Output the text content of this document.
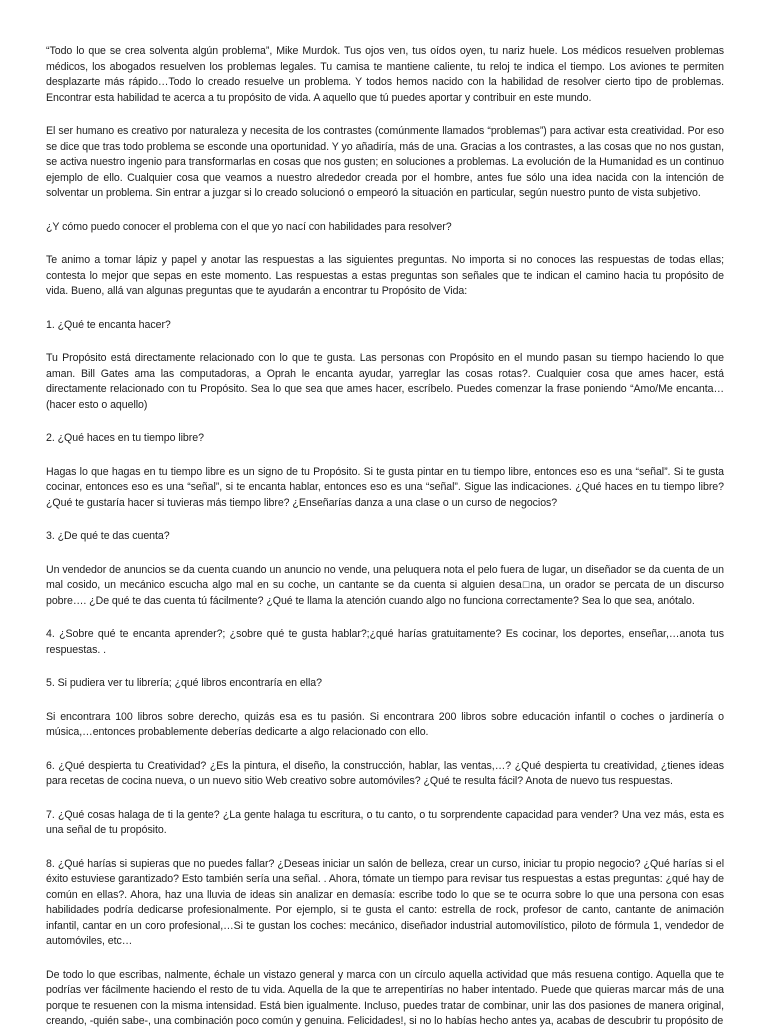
“Todo lo que se crea solventa algún problema”, Mike Murdok. Tus ojos ven, tus oídos oyen, tu nariz huele. Los médicos resuelven problemas médicos, los abogados resuelven los problemas legales. Tu camisa te mantiene caliente, tu reloj te indica el tiempo. Los aviones te permiten desplazarte más rápido…Todo lo creado resuelve un problema. Y todos hemos nacido con la habilidad de resolver cierto tipo de problemas. Encontrar esta habilidad te acerca a tu propósito de vida. A aquello que tú puedes aportar y contribuir en este mundo.

El ser humano es creativo por naturaleza y necesita de los contrastes (comúnmente llamados “problemas”) para activar esta creatividad. Por eso se dice que tras todo problema se esconde una oportunidad. Y yo añadiría, más de una. Gracias a los contrastes, a las cosas que no nos gustan, se activa nuestro ingenio para transformarlas en cosas que nos gusten; en soluciones a problemas. La evolución de la Humanidad es un continuo ejemplo de ello. Cualquier cosa que veamos a nuestro alrededor creada por el hombre, antes fue sólo una idea nacida con la intención de solventar un problema. Sin entrar a juzgar si lo creado solucionó o empeoró la situación en particular, según nuestro punto de vista subjetivo.

¿Y cómo puedo conocer el problema con el que yo nací con habilidades para resolver?

Te animo a tomar lápiz y papel y anotar las respuestas a las siguientes preguntas. No importa si no conoces las respuestas de todas ellas; contesta lo mejor que sepas en este momento. Las respuestas a estas preguntas son señales que te indican el camino hacia tu propósito de vida. Bueno, allá van algunas preguntas que te ayudarán a encontrar tu Propósito de Vida:

1. ¿Qué te encanta hacer?

Tu Propósito está directamente relacionado con lo que te gusta. Las personas con Propósito en el mundo pasan su tiempo haciendo lo que aman. Bill Gates ama las computadoras, a Oprah le encanta ayudar, yarreglar las cosas rotas?. Cualquier cosa que ames hacer, está directamente relacionado con tu Propósito. Sea lo que sea que ames hacer, escríbelo. Puedes comenzar la frase poniendo “Amo/Me encanta…(hacer esto o aquello)

2. ¿Qué haces en tu tiempo libre?

Hagas lo que hagas en tu tiempo libre es un signo de tu Propósito. Si te gusta pintar en tu tiempo libre, entonces eso es una “señal”. Si te gusta cocinar, entonces eso es una “señal”, si te encanta hablar, entonces eso es una “señal”. Sigue las indicaciones. ¿Qué haces en tu tiempo libre? ¿Qué te gustaría hacer si tuvieras más tiempo libre? ¿Enseñarías danza a una clase o un curso de negocios?

3. ¿De qué te das cuenta?

Un vendedor de anuncios se da cuenta cuando un anuncio no vende, una peluquera nota el pelo fuera de lugar, un diseñador se da cuenta de un mal cosido, un mecánico escucha algo mal en su coche, un cantante se da cuenta si alguien desa□na, un orador se percata de un discurso pobre…. ¿De qué te das cuenta tú fácilmente? ¿Qué te llama la atención cuando algo no funciona correctamente? Sea lo que sea, anótalo.

4. ¿Sobre qué te encanta aprender?; ¿sobre qué te gusta hablar?;¿qué harías gratuitamente? Es cocinar, los deportes, enseñar,…anota tus respuestas. .

5. Si pudiera ver tu librería; ¿qué libros encontraría en ella?

Si encontrara 100 libros sobre derecho, quizás esa es tu pasión. Si encontrara 200 libros sobre educación infantil o coches o jardinería o música,…entonces probablemente deberías dedicarte a algo relacionado con ello.

6. ¿Qué despierta tu Creatividad? ¿Es la pintura, el diseño, la construcción, hablar, las ventas,…? ¿Qué despierta tu creatividad, ¿tienes ideas para recetas de cocina nueva, o un nuevo sitio Web creativo sobre automóviles? ¿Qué te resulta fácil? Anota de nuevo tus respuestas.

7. ¿Qué cosas halaga de ti la gente? ¿La gente halaga tu escritura, o tu canto, o tu sorprendente capacidad para vender? Una vez más, esta es una señal de tu propósito.

8. ¿Qué harías si supieras que no puedes fallar? ¿Deseas iniciar un salón de belleza, crear un curso, iniciar tu propio negocio? ¿Qué harías si el éxito estuviese garantizado? Esto también sería una señal. . Ahora, tómate un tiempo para revisar tus respuestas a estas preguntas: ¿qué hay de común en ellas?. Ahora, haz una lluvia de ideas sin analizar en demasía: escribe todo lo que se te ocurra sobre lo que una persona con esas habilidades podría dedicarse profesionalmente. Por ejemplo, si te gusta el canto: estrella de rock, profesor de canto, cantante de animación infantil, cantar en un coro profesional,…Si te gustan los coches: mecánico, diseñador industrial automovilístico, piloto de fórmula 1, vendedor de automóviles, etc…

De todo lo que escribas, nalmente, échale un vistazo general y marca con un círculo aquella actividad que más resuena contigo. Aquella que te podrías ver fácilmente haciendo el resto de tu vida. Aquella de la que te arrepentirías no haber intentado. Puede que quieras marcar más de una porque te resuenen con la misma intensidad. Está bien igualmente. Incluso, puedes tratar de combinar, unir las dos pasiones de manera original, creando, -quién sabe-, una combinación poco común y genuina. Felicidades!, si no lo habías hecho antes ya, acabas de descubrir tu propósito de
